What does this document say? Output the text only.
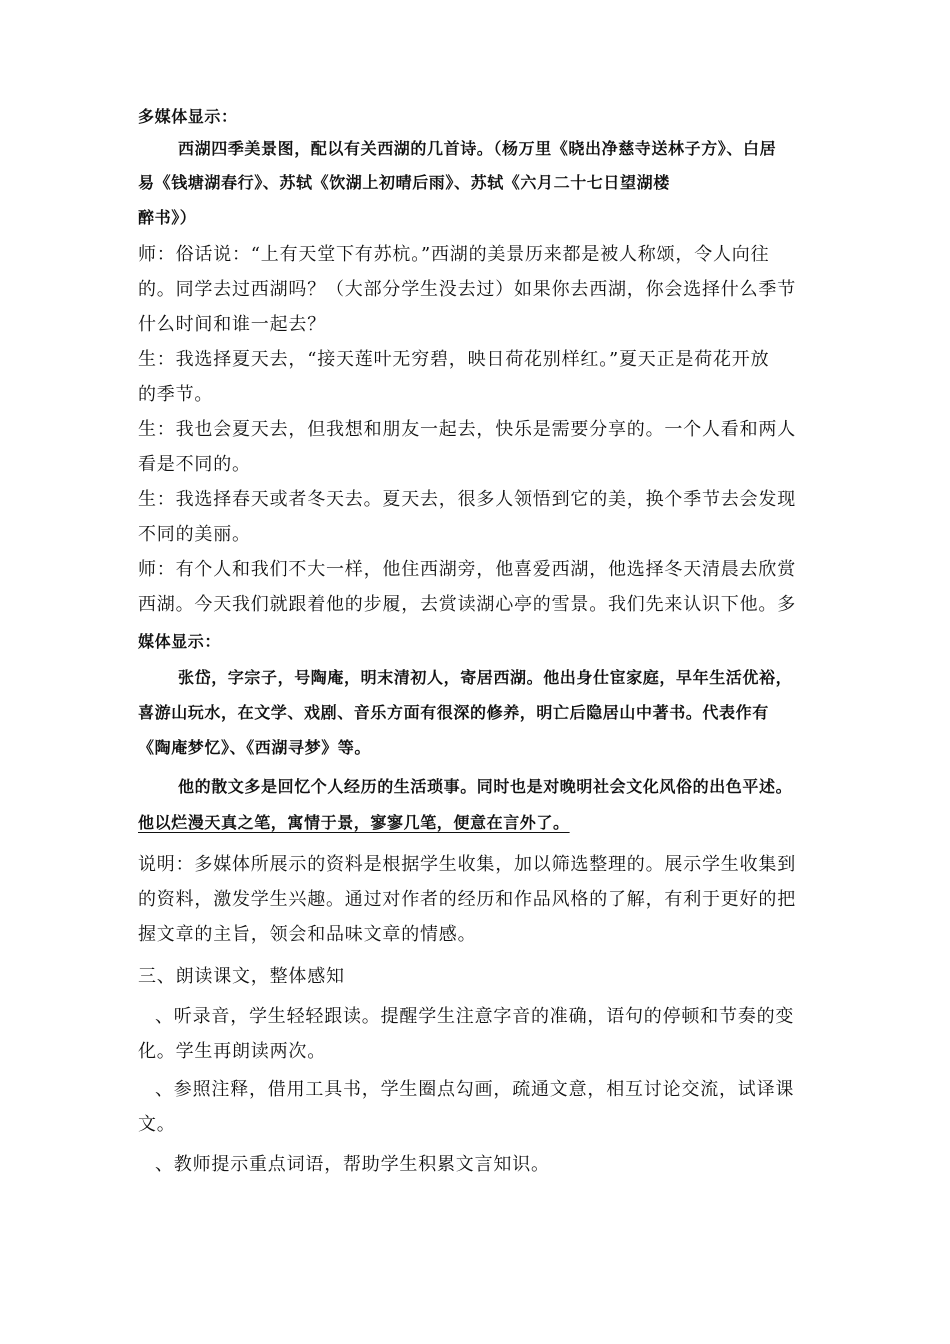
多媒体显示：
西湖四季美景图，配以有关西湖的几首诗。（杨万里《晓出净慈寺送林子方》、白居
易《钱塘湖春行》、苏轼《饮湖上初晴后雨》、苏轼《六月二十七日望湖楼
醉书》）
师：俗话说：“上有天堂下有苏杭。”西湖的美景历来都是被人称颂，令人向往
的。同学去过西湖吗？（大部分学生没去过）如果你去西湖，你会选择什么季节
什么时间和谁一起去？
生：我选择夏天去，“接天莲叶无穷碧，映日荷花别样红。”夏天正是荷花开放
的季节。
生：我也会夏天去，但我想和朋友一起去，快乐是需要分享的。一个人看和两人
看是不同的。
生：我选择春天或者冬天去。夏天去，很多人领悟到它的美，换个季节去会发现
不同的美丽。
师：有个人和我们不大一样，他住西湖旁，他喜爱西湖，他选择冬天清晨去欣赏
西湖。今天我们就跟着他的步履，去赏读湖心亭的雪景。我们先来认识下他。多
媒体显示：
张岱，字宗子，号陶庵，明末清初人，寄居西湖。他出身仕宦家庭，早年生活优裕，
喜游山玩水，在文学、戏剧、音乐方面有很深的修养，明亡后隐居山中著书。代表作有
《陶庵梦忆》、《西湖寻梦》等。
他的散文多是回忆个人经历的生活琐事。同时也是对晚明社会文化风俗的出色平述。
他以烂漫天真之笔，寓情于景，寥寥几笔，便意在言外了。
说明：多媒体所展示的资料是根据学生收集，加以筛选整理的。展示学生收集到
的资料，激发学生兴趣。通过对作者的经历和作品风格的了解，有利于更好的把
握文章的主旨，领会和品味文章的情感。
三、朗读课文，整体感知
、听录音，学生轻轻跟读。提醒学生注意字音的准确，语句的停顿和节奏的变
化。学生再朗读两次。
、参照注释，借用工具书，学生圈点勾画，疏通文意，相互讨论交流，试译课
文。
、教师提示重点词语，帮助学生积累文言知识。
